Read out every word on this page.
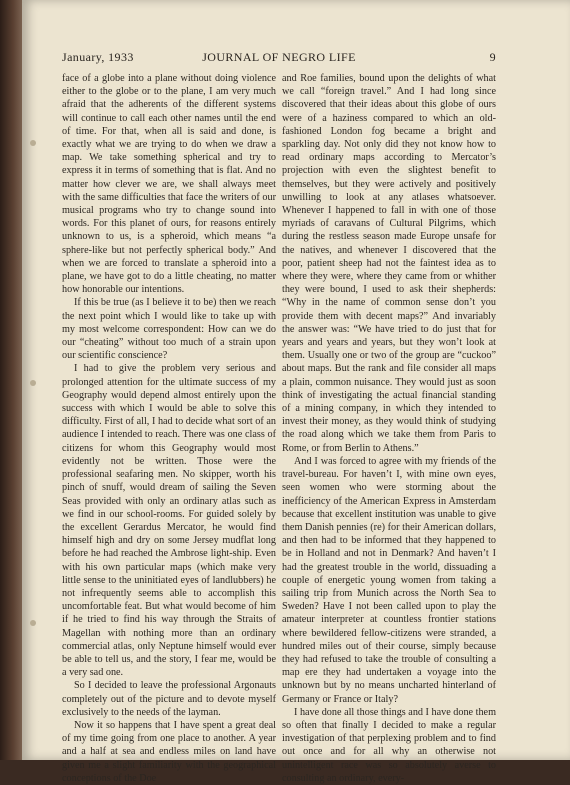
January, 1933	JOURNAL OF NEGRO LIFE	9

face of a globe into a plane without doing violence either to the globe or to the plane, I am very much afraid that the adherents of the different systems will continue to call each other names until the end of time. For that, when all is said and done, is exactly what we are trying to do when we draw a map. We take something spherical and try to express it in terms of something that is flat. And no matter how clever we are, we shall always meet with the same difficulties that face the writers of our musical programs who try to change sound into words. For this planet of ours, for reasons entirely unknown to us, is a spheroid, which means “a sphere-like but not perfectly spherical body.” And when we are forced to translate a spheroid into a plane, we have got to do a little cheating, no matter how honorable our intentions.

If this be true (as I believe it to be) then we reach the next point which I would like to take up with my most welcome correspondent: How can we do our “cheating” without too much of a strain upon our scientific conscience?

I had to give the problem very serious and prolonged attention for the ultimate success of my Geography would depend almost entirely upon the success with which I would be able to solve this difficulty. First of all, I had to decide what sort of an audience I intended to reach. There was one class of citizens for whom this Geography would most evidently not be written. Those were the professional seafaring men. No skipper, worth his pinch of snuff, would dream of sailing the Seven Seas provided with only an ordinary atlas such as we find in our school-rooms. For guided solely by the excellent Gerardus Mercator, he would find himself high and dry on some Jersey mudflat long before he had reached the Ambrose light-ship. Even with his own particular maps (which make very little sense to the uninitiated eyes of landlubbers) he not infrequently seems able to accomplish this uncomfortable feat. But what would become of him if he tried to find his way through the Straits of Magellan with nothing more than an ordinary commercial atlas, only Neptune himself would ever be able to tell us, and the story, I fear me, would be a very sad one.

So I decided to leave the professional Argonauts completely out of the picture and to devote myself exclusively to the needs of the layman.

Now it so happens that I have spent a great deal of my time going from one place to another. A year and a half at sea and endless miles on land have given me a slight familiarity with the geographical conceptions of the Doe

and Roe families, bound upon the delights of what we call “foreign travel.” And I had long since discovered that their ideas about this globe of ours were of a haziness compared to which an old-fashioned London fog became a bright and sparkling day. Not only did they not know how to read ordinary maps according to Mercator’s projection with even the slightest benefit to themselves, but they were actively and positively unwilling to look at any atlases whatsoever. Whenever I happened to fall in with one of those myriads of caravans of Cultural Pilgrims, which during the restless season made Europe unsafe for the natives, and whenever I discovered that the poor, patient sheep had not the faintest idea as to where they were, where they came from or whither they were bound, I used to ask their shepherds: “Why in the name of common sense don’t you provide them with decent maps?” And invariably the answer was: “We have tried to do just that for years and years and years, but they won’t look at them. Usually one or two of the group are “cuckoo” about maps. But the rank and file consider all maps a plain, common nuisance. They would just as soon think of investigating the actual financial standing of a mining company, in which they intended to invest their money, as they would think of studying the road along which we take them from Paris to Rome, or from Berlin to Athens.”

And I was forced to agree with my friends of the travel-bureau. For haven’t I, with mine own eyes, seen women who were storming about the inefficiency of the American Express in Amsterdam because that excellent institution was unable to give them Danish pennies (re) for their American dollars, and then had to be informed that they happened to be in Holland and not in Denmark? And haven’t I had the greatest trouble in the world, dissuading a couple of energetic young women from taking a sailing trip from Munich across the North Sea to Sweden? Have I not been called upon to play the amateur interpreter at countless frontier stations where bewildered fellow-citizens were stranded, a hundred miles out of their course, simply because they had refused to take the trouble of consulting a map ere they had undertaken a voyage into the unknown but by no means uncharted hinterland of Germany or France or Italy?

I have done all those things and I have done them so often that finally I decided to make a regular investigation of that perplexing problem and to find out once and for all why an otherwise not unintelligent race was so absolutely averse to consulting an ordinary, every-
